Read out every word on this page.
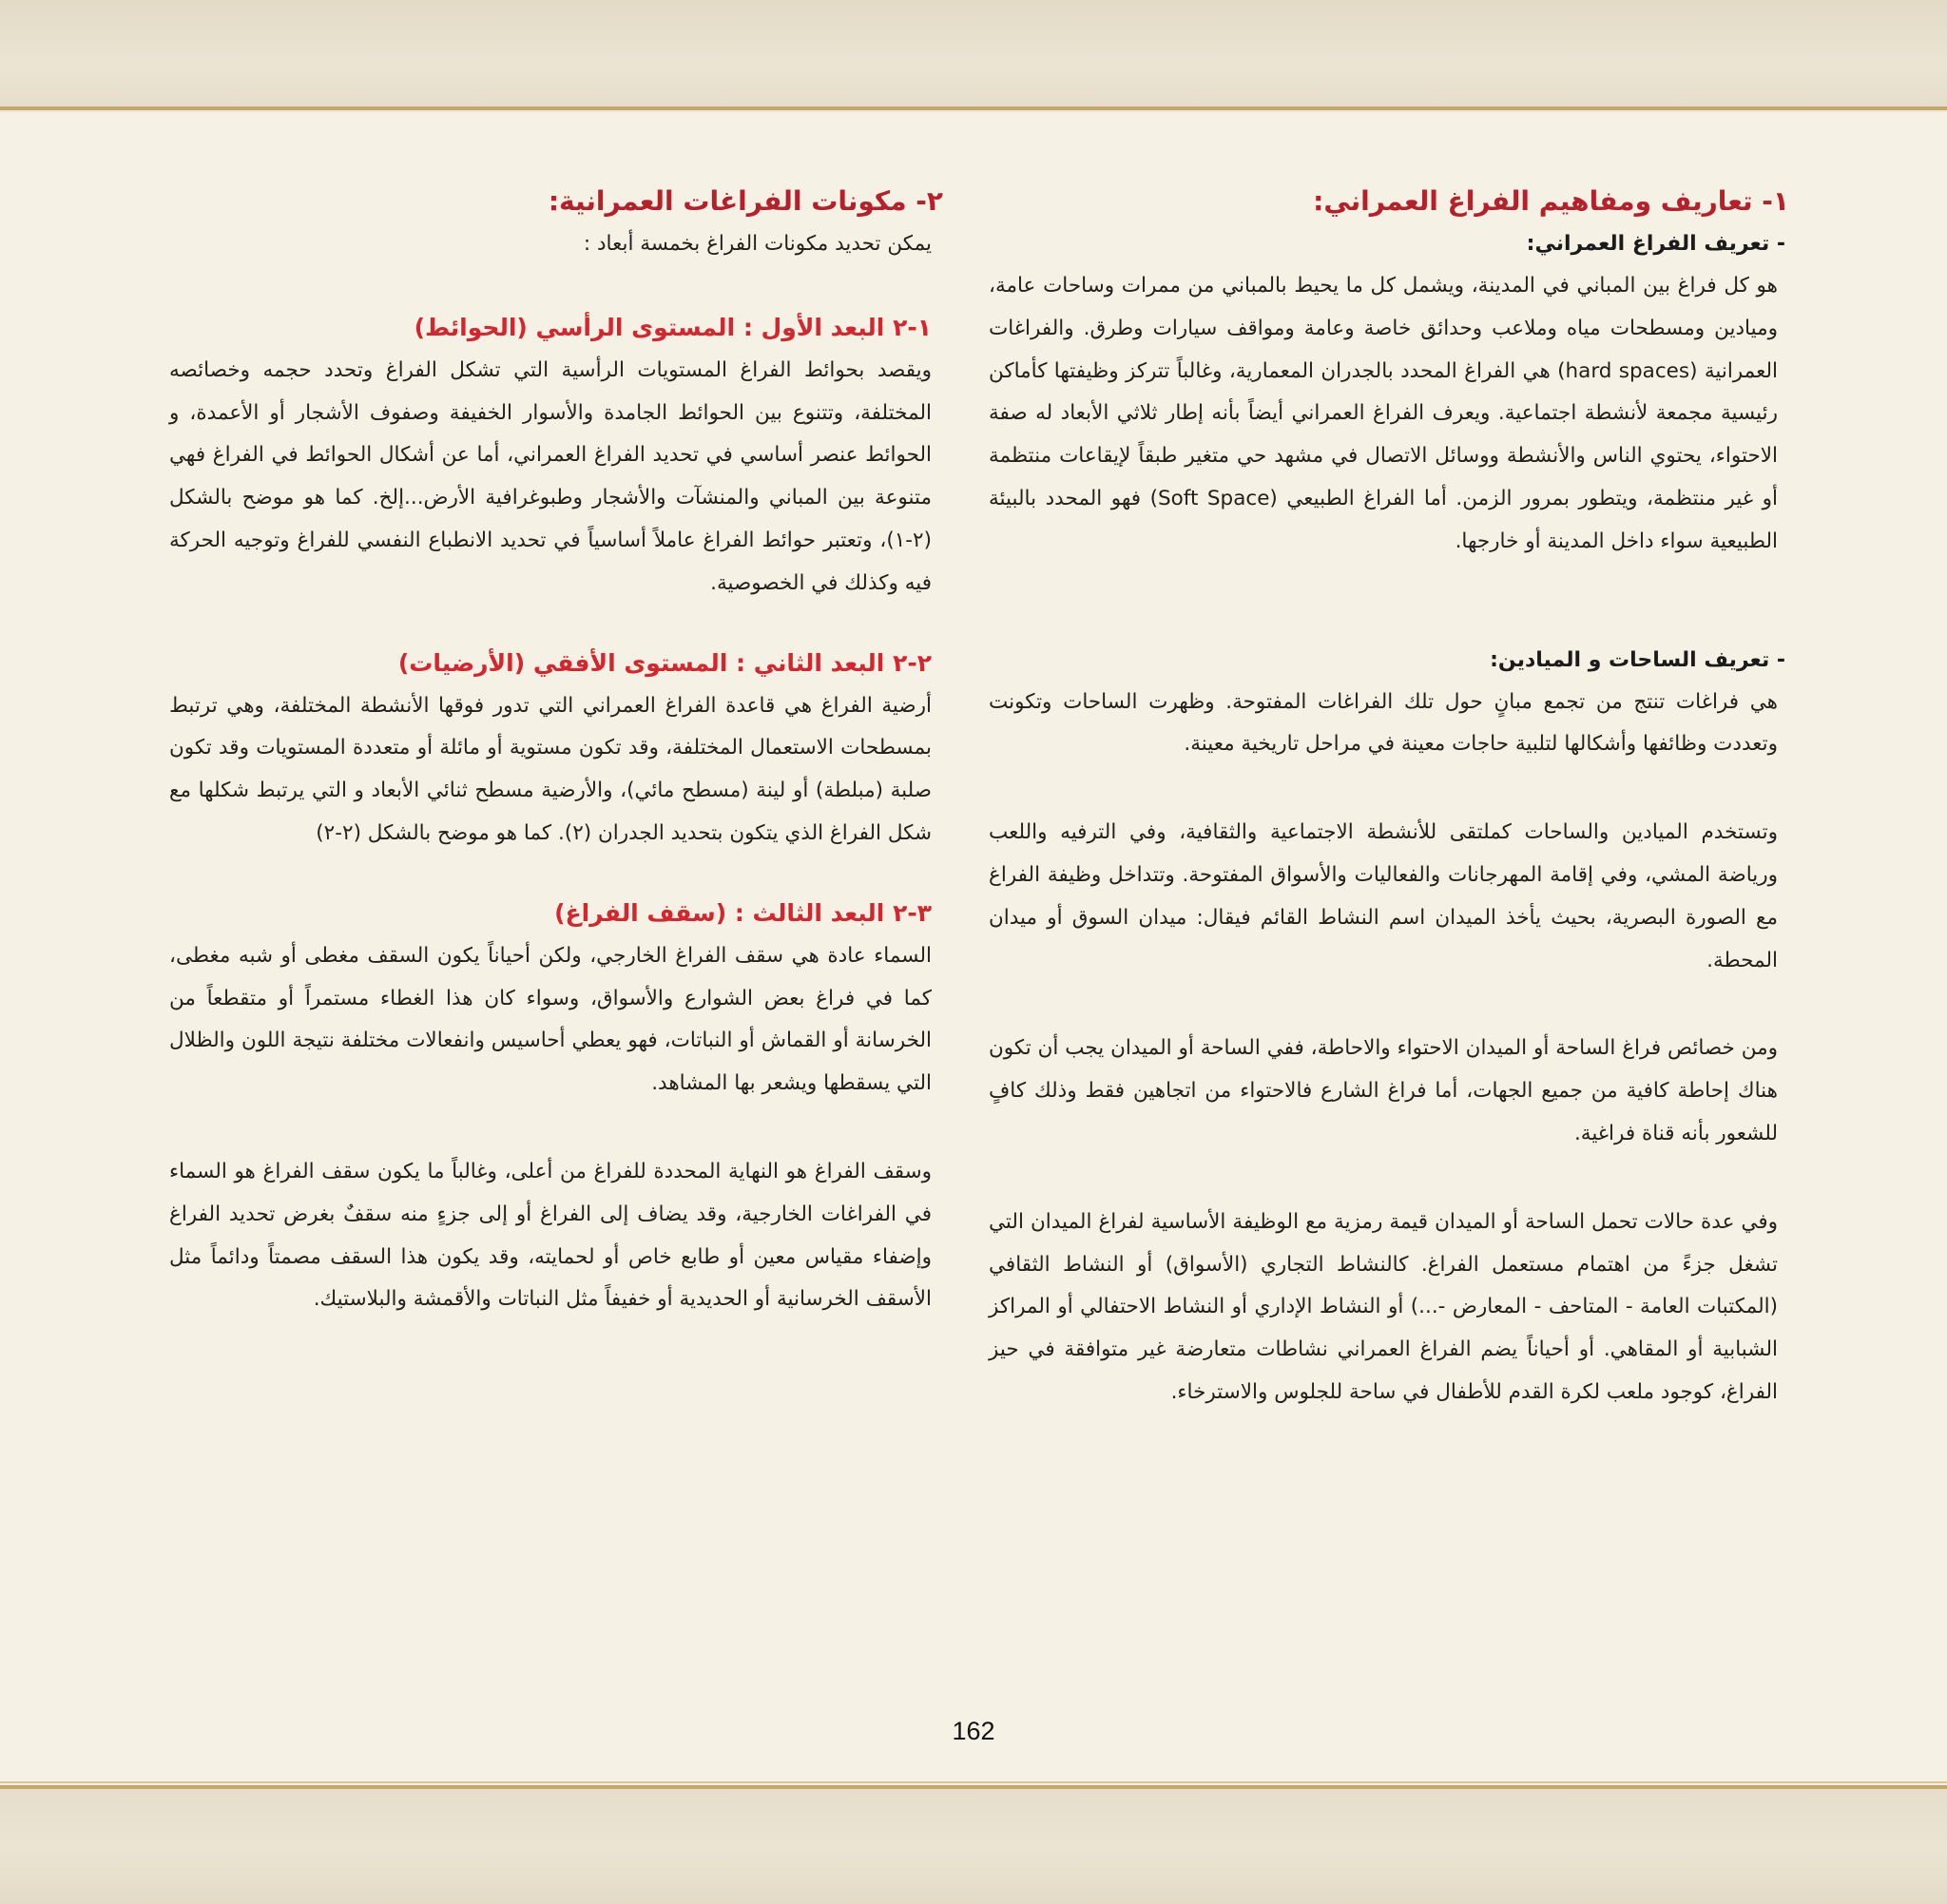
١- تعاريف ومفاهيم الفراغ العمراني:
- تعريف الفراغ العمراني:

هو كل فراغ بين المباني في المدينة، ويشمل كل ما يحيط بالمباني من ممرات وساحات عامة، وميادين ومسطحات مياه وملاعب وحدائق خاصة وعامة ومواقف سيارات وطرق. والفراغات العمرانية (hard spaces) هي الفراغ المحدد بالجدران المعمارية، وغالباً تتركز وظيفتها كأماكن رئيسية مجمعة لأنشطة اجتماعية. ويعرف الفراغ العمراني أيضاً بأنه إطار ثلاثي الأبعاد له صفة الاحتواء، يحتوي الناس والأنشطة ووسائل الاتصال في مشهد حي متغير طبقاً لإيقاعات منتظمة أو غير منتظمة، ويتطور بمرور الزمن. أما الفراغ الطبيعي (Soft Space) فهو المحدد بالبيئة الطبيعية سواء داخل المدينة أو خارجها.

- تعريف الساحات و الميادين:

هي فراغات تنتج من تجمع مبانٍ حول تلك الفراغات المفتوحة. وظهرت الساحات وتكونت وتعددت وظائفها وأشكالها لتلبية حاجات معينة في مراحل تاريخية معينة.

وتستخدم الميادين والساحات كملتقى للأنشطة الاجتماعية والثقافية، وفي الترفيه واللعب ورياضة المشي، وفي إقامة المهرجانات والفعاليات والأسواق المفتوحة. وتتداخل وظيفة الفراغ مع الصورة البصرية، بحيث يأخذ الميدان اسم النشاط القائم فيقال: ميدان السوق أو ميدان المحطة.

ومن خصائص فراغ الساحة أو الميدان الاحتواء والاحاطة، ففي الساحة أو الميدان يجب أن تكون هناك إحاطة كافية من جميع الجهات، أما فراغ الشارع فالاحتواء من اتجاهين فقط وذلك كافٍ للشعور بأنه قناة فراغية.

وفي عدة حالات تحمل الساحة أو الميدان قيمة رمزية مع الوظيفة الأساسية لفراغ الميدان التي تشغل جزءً من اهتمام مستعمل الفراغ. كالنشاط التجاري (الأسواق) أو النشاط الثقافي (المكتبات العامة - المتاحف - المعارض -...) أو النشاط الإداري أو النشاط الاحتفالي أو المراكز الشبابية أو المقاهي. أو أحياناً يضم الفراغ العمراني نشاطات متعارضة غير متوافقة في حيز الفراغ، كوجود ملعب لكرة القدم للأطفال في ساحة للجلوس والاسترخاء.

٢- مكونات الفراغات العمرانية:

يمكن تحديد مكونات الفراغ بخمسة أبعاد :

١-٢ البعد الأول : المستوى الرأسي (الحوائط)

ويقصد بحوائط الفراغ المستويات الرأسية التي تشكل الفراغ وتحدد حجمه وخصائصه المختلفة، وتتنوع بين الحوائط الجامدة والأسوار الخفيفة وصفوف الأشجار أو الأعمدة، و الحوائط عنصر أساسي في تحديد الفراغ العمراني، أما عن أشكال الحوائط في الفراغ فهي متنوعة بين المباني والمنشآت والأشجار وطبوغرافية الأرض...إلخ. كما هو موضح بالشكل (٢-١)، وتعتبر حوائط الفراغ عاملاً أساسياً في تحديد الانطباع النفسي للفراغ وتوجيه الحركة فيه وكذلك في الخصوصية.

٢-٢ البعد الثاني : المستوى الأفقي (الأرضيات)

أرضية الفراغ هي قاعدة الفراغ العمراني التي تدور فوقها الأنشطة المختلفة، وهي ترتبط بمسطحات الاستعمال المختلفة، وقد تكون مستوية أو مائلة أو متعددة المستويات وقد تكون صلبة (مبلطة) أو لينة (مسطح مائي)، والأرضية مسطح ثنائي الأبعاد و التي يرتبط شكلها مع شكل الفراغ الذي يتكون بتحديد الجدران (٢). كما هو موضح بالشكل (٢-٢)

٣-٢ البعد الثالث : (سقف الفراغ)

السماء عادة هي سقف الفراغ الخارجي، ولكن أحياناً يكون السقف مغطى أو شبه مغطى، كما في فراغ بعض الشوارع والأسواق، وسواء كان هذا الغطاء مستمراً أو متقطعاً من الخرسانة أو القماش أو النباتات، فهو يعطي أحاسيس وانفعالات مختلفة نتيجة اللون والظلال التي يسقطها ويشعر بها المشاهد.

وسقف الفراغ هو النهاية المحددة للفراغ من أعلى، وغالباً ما يكون سقف الفراغ هو السماء في الفراغات الخارجية، وقد يضاف إلى الفراغ أو إلى جزءٍ منه سقفٌ بغرض تحديد الفراغ وإضفاء مقياس معين أو طابع خاص أو لحمايته، وقد يكون هذا السقف مصمتاً ودائماً مثل الأسقف الخرسانية أو الحديدية أو خفيفاً مثل النباتات والأقمشة والبلاستيك.

162
